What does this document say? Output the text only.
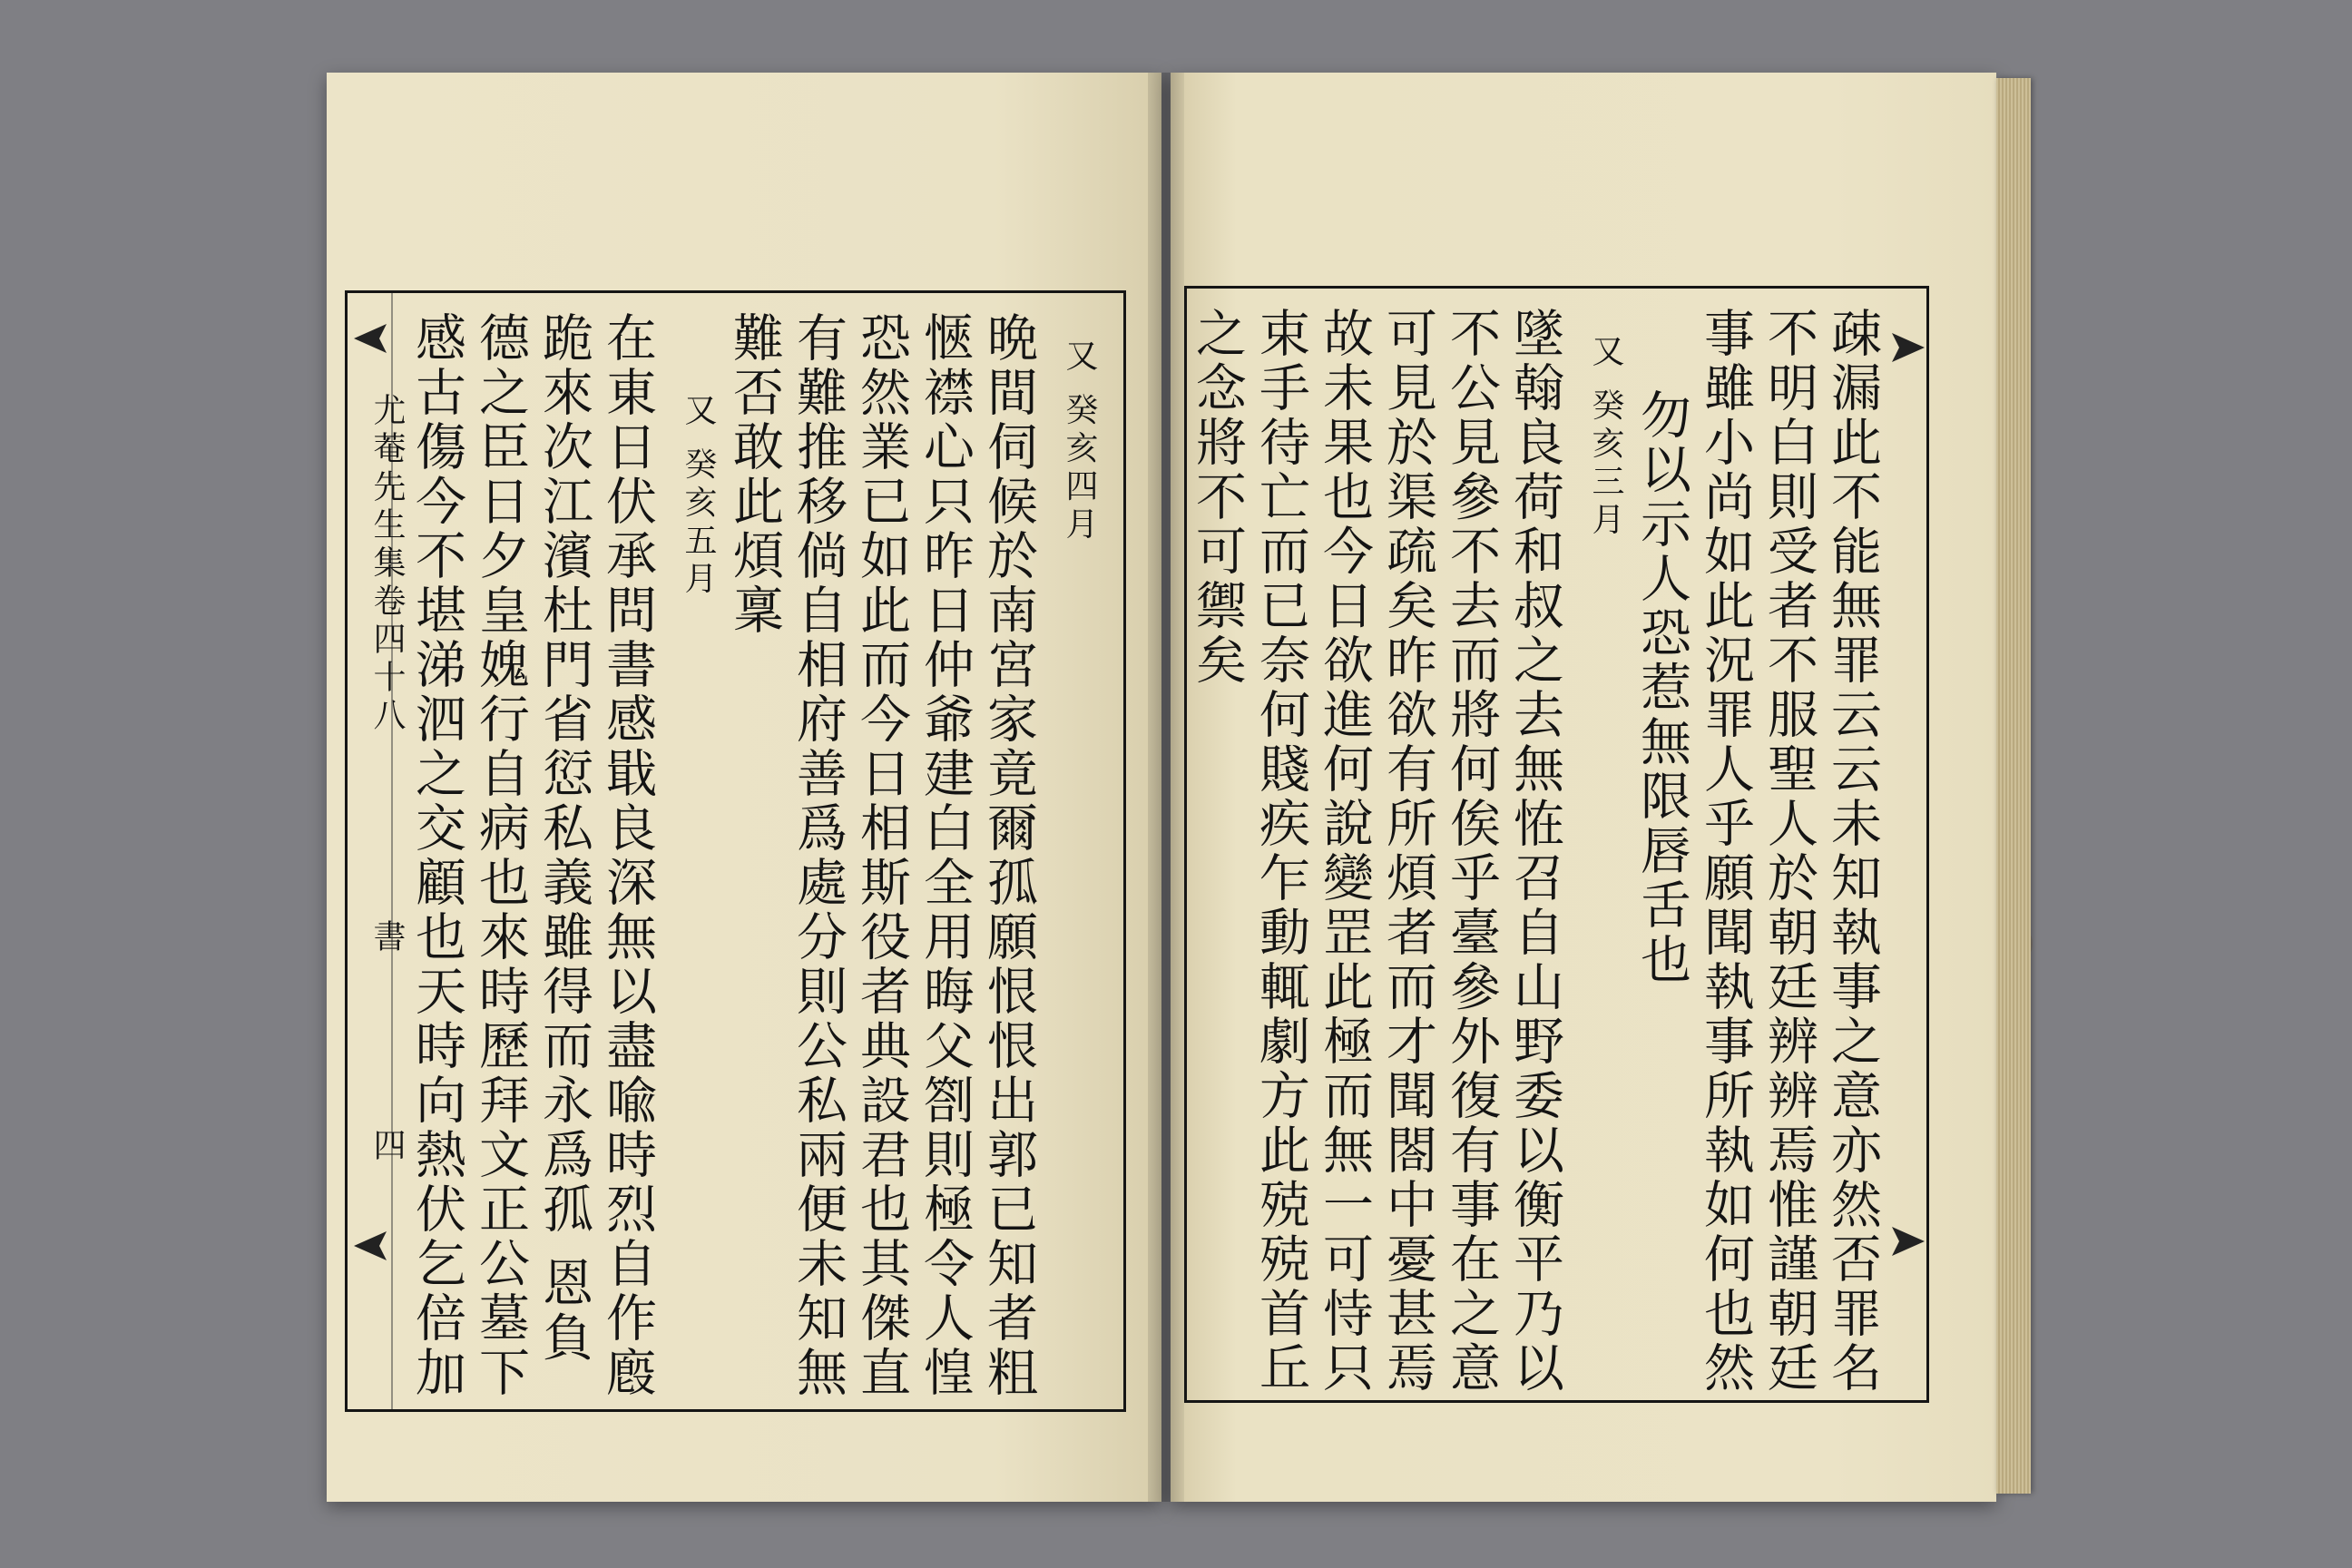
尤菴先生集卷四十八
書
四
又 癸亥四月
晩間伺候於南宮家竟爾孤願恨恨出郭已知者粗
愜襟心只昨日仲爺建白全用晦父劄則極令人惶
恐然業已如此而今日相斯役者典設君也其傑直
有難推移倘自相府善爲處分則公私兩便未知無
難否敢此煩稟
又 癸亥五月
在東日伏承問書感戢良深無以盡喩時烈自作廏
跪來次江濱杜門省愆私義雖得而永爲孤 恩負
德之臣日夕皇媿行自病也來時歷拜文正公墓下
感古傷今不堪涕泗之交顧也天時向熱伏乞倍加	疎漏此不能無罪云云未知執事之意亦然否罪名
不明白則受者不服聖人於朝廷辨辨焉惟謹朝廷
事雖小尚如此況罪人乎願聞執事所執如何也然
勿以示人恐惹無限唇舌也
又 癸亥三月
墜翰良荷和叔之去無恠召自山野委以衡平乃以
不公見參不去而將何俟乎臺參外復有事在之意
可見於渠疏矣昨欲有所煩者而才聞閤中憂甚焉
故未果也今日欲進何說變罡此極而無一可恃只
束手待亡而已奈何賤疾乍動輒劇方此殑殑首丘
之念將不可禦矣
